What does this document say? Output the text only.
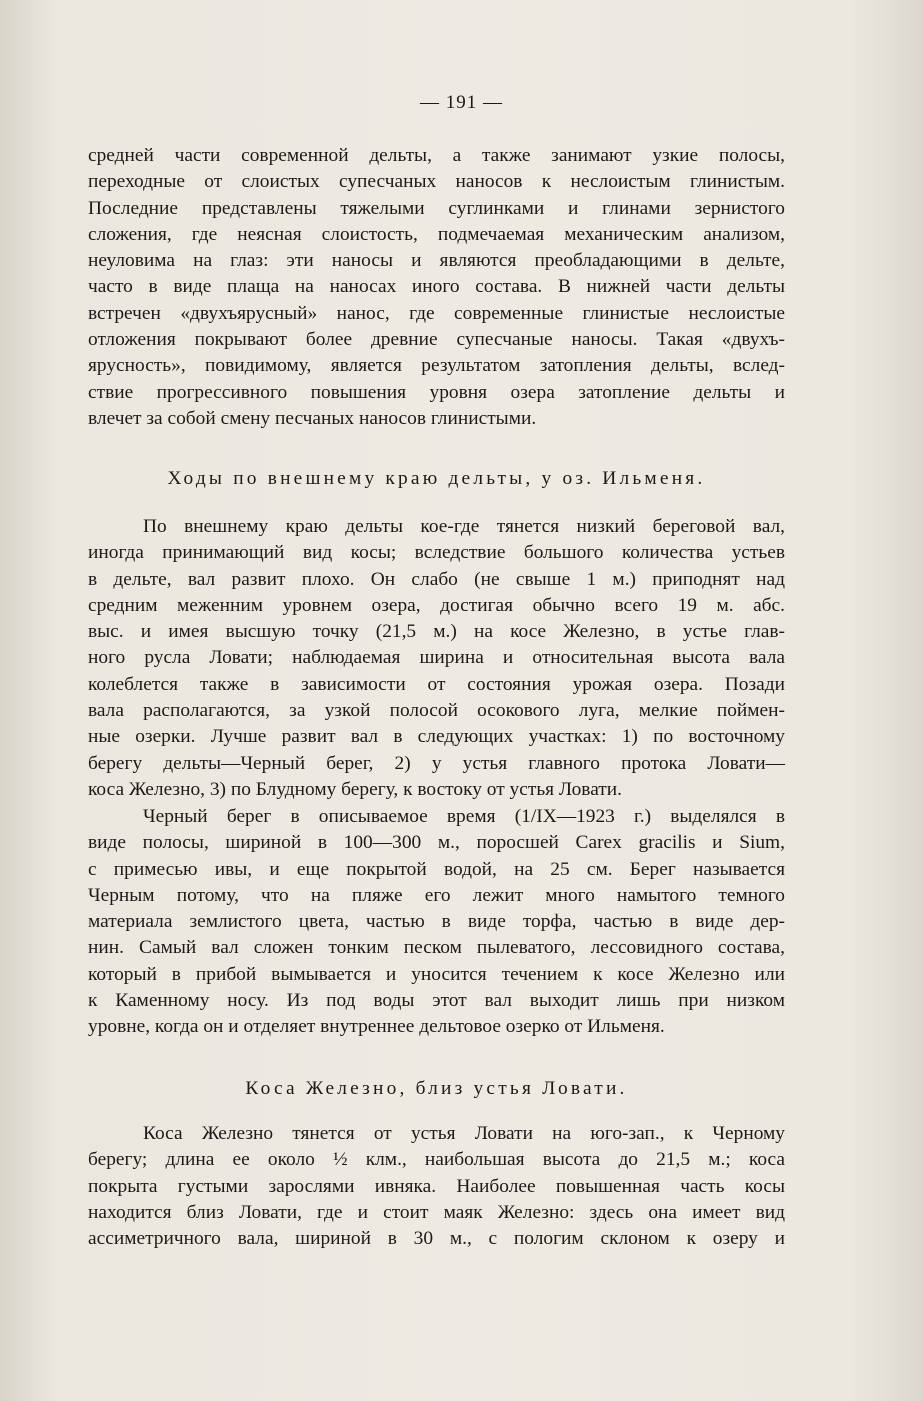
— 191 —

средней части современной дельты, а также занимают узкие полосы,

переходные от слоистых супесчаных наносов к неслоистым глинистым.

Последние представлены тяжелыми суглинками и глинами зернистого

сложения, где неясная слоистость, подмечаемая механическим анализом,

неуловима на глаз: эти наносы и являются преобладающими в дельте,

часто в виде плаща на наносах иного состава. В нижней части дельты

встречен «двухъярусный» нанос, где современные глинистые неслоистые

отложения покрывают более древние супесчаные наносы. Такая «двухъ-

ярусность», повидимому, является результатом затопления дельты, вслед-

ствие прогрессивного повышения уровня озера затопление дельты и

влечет за собой смену песчаных наносов глинистыми.

Ходы по внешнему краю дельты, у оз. Ильменя.

По внешнему краю дельты кое-где тянется низкий береговой вал,

иногда принимающий вид косы; вследствие большого количества устьев

в дельте, вал развит плохо. Он слабо (не свыше 1 м.) приподнят над

средним меженним уровнем озера, достигая обычно всего 19 м. абс.

выс. и имея высшую точку (21,5 м.) на косе Железно, в устье глав-

ного русла Ловати; наблюдаемая ширина и относительная высота вала

колеблется также в зависимости от состояния урожая озера. Позади

вала располагаются, за узкой полосой осокового луга, мелкие поймен-

ные озерки. Лучше развит вал в следующих участках: 1) по восточному

берегу дельты—Черный берег, 2) у устья главного протока Ловати—

коса Железно, 3) по Блудному берегу, к востоку от устья Ловати.

Черный берег в описываемое время (1/IX—1923 г.) выделялся в

виде полосы, шириной в 100—300 м., поросшей Carex gracilis и Sium,

с примесью ивы, и еще покрытой водой, на 25 см. Берег называется

Черным потому, что на пляже его лежит много намытого темного

материала землистого цвета, частью в виде торфа, частью в виде дер-

нин. Самый вал сложен тонким песком пылеватого, лессовидного состава,

который в прибой вымывается и уносится течением к косе Железно или

к Каменному носу. Из под воды этот вал выходит лишь при низком

уровне, когда он и отделяет внутреннее дельтовое озерко от Ильменя.

Коса Железно, близ устья Ловати.

Коса Железно тянется от устья Ловати на юго-зап., к Черному

берегу; длина ее около ½ клм., наибольшая высота до 21,5 м.; коса

покрыта густыми зарослями ивняка. Наиболее повышенная часть косы

находится близ Ловати, где и стоит маяк Железно: здесь она имеет вид

ассиметричного вала, шириной в 30 м., с пологим склоном к озеру и
